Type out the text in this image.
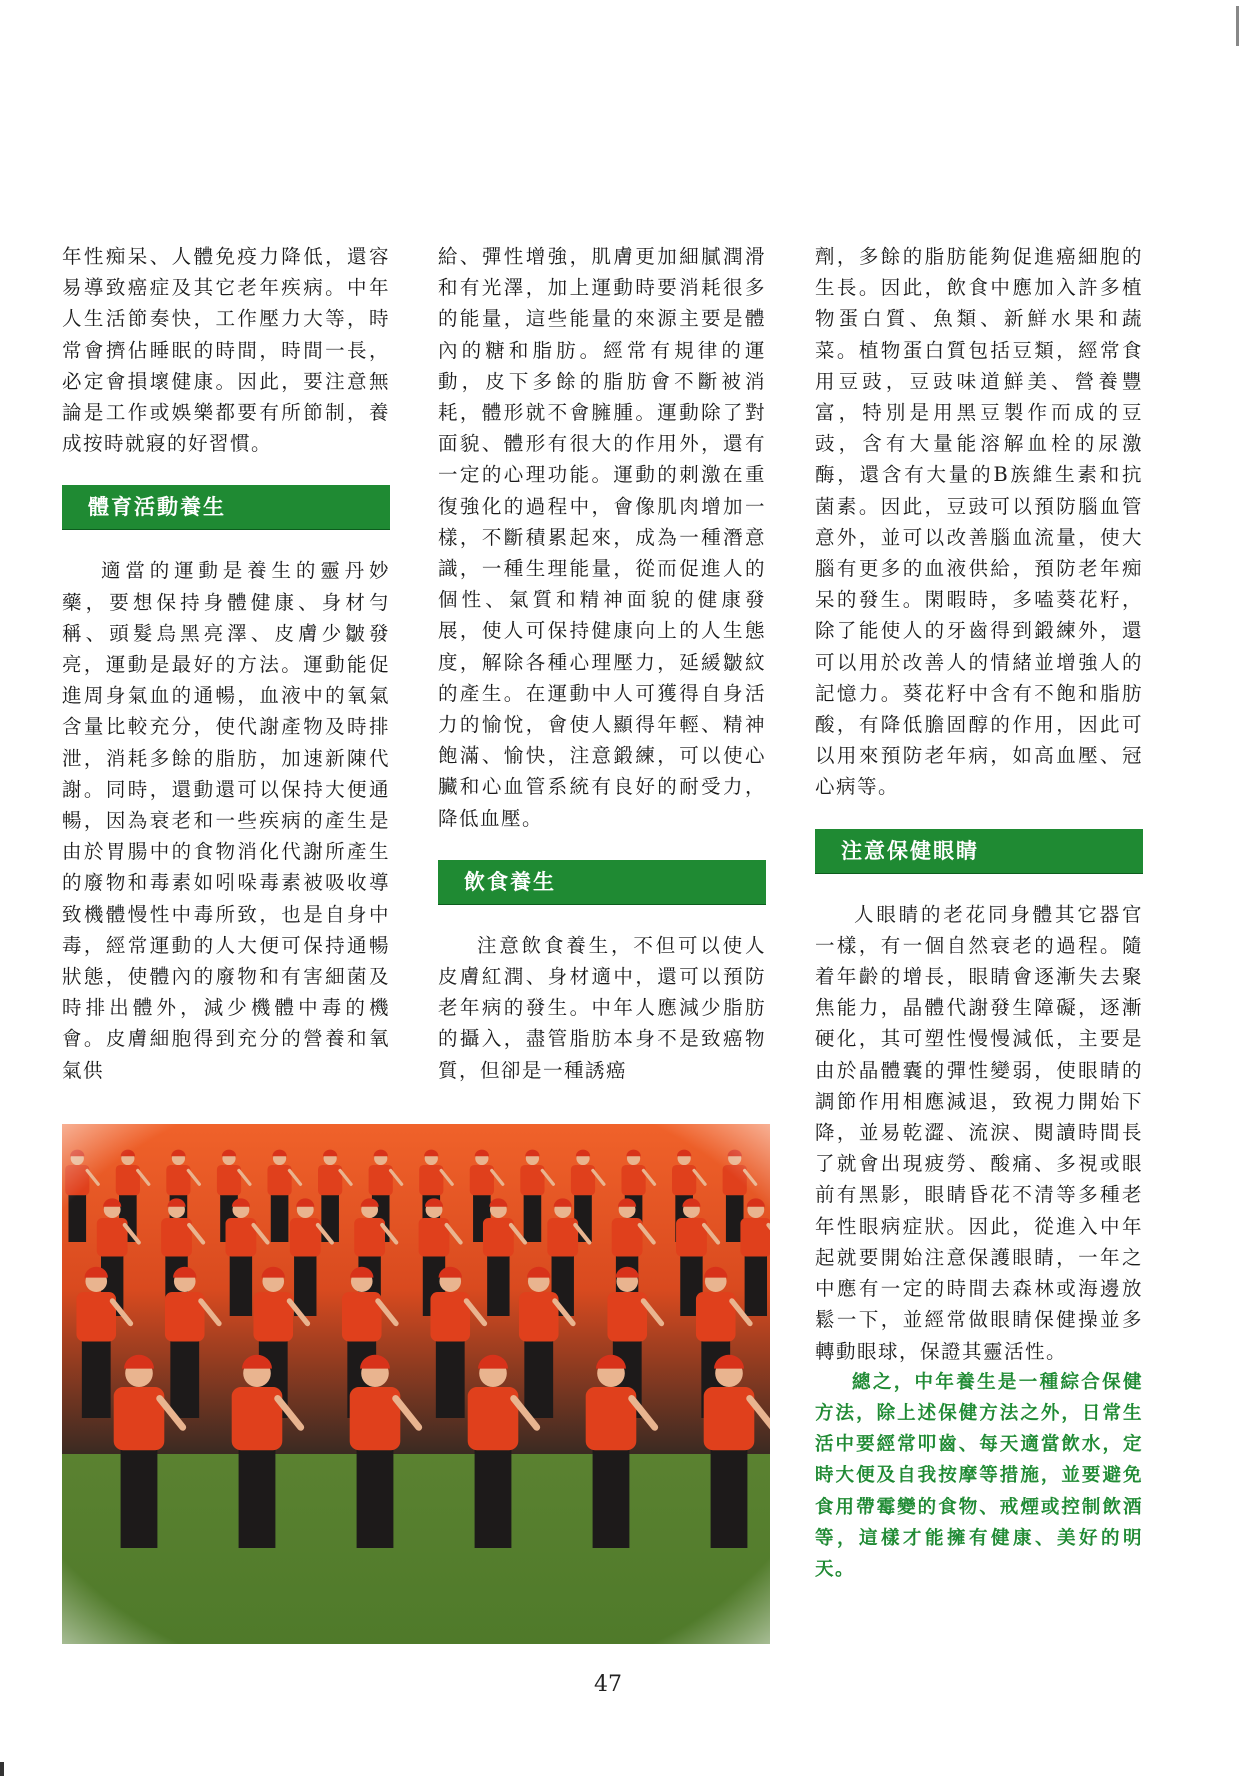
年性痴呆、人體免疫力降低，還容易導致癌症及其它老年疾病。中年人生活節奏快，工作壓力大等，時常會擠佔睡眠的時間，時間一長，必定會損壞健康。因此，要注意無論是工作或娛樂都要有所節制，養成按時就寢的好習慣。

體育活動養生

適當的運動是養生的靈丹妙藥，要想保持身體健康、身材勻稱、頭髮烏黑亮澤、皮膚少皺發亮，運動是最好的方法。運動能促進周身氣血的通暢，血液中的氧氣含量比較充分，使代謝產物及時排泄，消耗多餘的脂肪，加速新陳代謝。同時，還動還可以保持大便通暢，因為衰老和一些疾病的產生是由於胃腸中的食物消化代謝所產生的廢物和毒素如吲哚毒素被吸收導致機體慢性中毒所致，也是自身中毒，經常運動的人大便可保持通暢狀態，使體內的廢物和有害細菌及時排出體外，減少機體中毒的機會。皮膚細胞得到充分的營養和氧氣供

給、彈性增強，肌膚更加細膩潤滑和有光澤，加上運動時要消耗很多的能量，這些能量的來源主要是體內的糖和脂肪。經常有規律的運動，皮下多餘的脂肪會不斷被消耗，體形就不會臃腫。運動除了對面貌、體形有很大的作用外，還有一定的心理功能。運動的刺激在重復強化的過程中，會像肌肉增加一樣，不斷積累起來，成為一種潛意識，一種生理能量，從而促進人的個性、氣質和精神面貌的健康發展，使人可保持健康向上的人生態度，解除各種心理壓力，延緩皺紋的產生。在運動中人可獲得自身活力的愉悅，會使人顯得年輕、精神飽滿、愉快，注意鍛練，可以使心臟和心血管系統有良好的耐受力，降低血壓。

飲食養生

注意飲食養生，不但可以使人皮膚紅潤、身材適中，還可以預防老年病的發生。中年人應減少脂肪的攝入，盡管脂肪本身不是致癌物質，但卻是一種誘癌

劑，多餘的脂肪能夠促進癌細胞的生長。因此，飲食中應加入許多植物蛋白質、魚類、新鮮水果和蔬菜。植物蛋白質包括豆類，經常食用豆豉，豆豉味道鮮美、營養豐富，特別是用黑豆製作而成的豆豉，含有大量能溶解血栓的尿激酶，還含有大量的B族維生素和抗菌素。因此，豆豉可以預防腦血管意外，並可以改善腦血流量，使大腦有更多的血液供給，預防老年痴呆的發生。閑暇時，多嗑葵花籽，除了能使人的牙齒得到鍛練外，還可以用於改善人的情緒並增強人的記憶力。葵花籽中含有不飽和脂肪酸，有降低膽固醇的作用，因此可以用來預防老年病，如高血壓、冠心病等。

注意保健眼睛

人眼睛的老花同身體其它器官一樣，有一個自然衰老的過程。隨着年齡的增長，眼睛會逐漸失去聚焦能力，晶體代謝發生障礙，逐漸硬化，其可塑性慢慢減低，主要是由於晶體囊的彈性變弱，使眼睛的調節作用相應減退，致視力開始下降，並易乾澀、流淚、閱讀時間長了就會出現疲勞、酸痛、多視或眼前有黑影，眼睛昏花不清等多種老年性眼病症狀。因此，從進入中年起就要開始注意保護眼睛，一年之中應有一定的時間去森林或海邊放鬆一下，並經常做眼睛保健操並多轉動眼球，保證其靈活性。

總之，中年養生是一種綜合保健方法，除上述保健方法之外，日常生活中要經常叩齒、每天適當飲水，定時大便及自我按摩等措施，並要避免食用帶霉變的食物、戒煙或控制飲酒等，這樣才能擁有健康、美好的明天。

47
